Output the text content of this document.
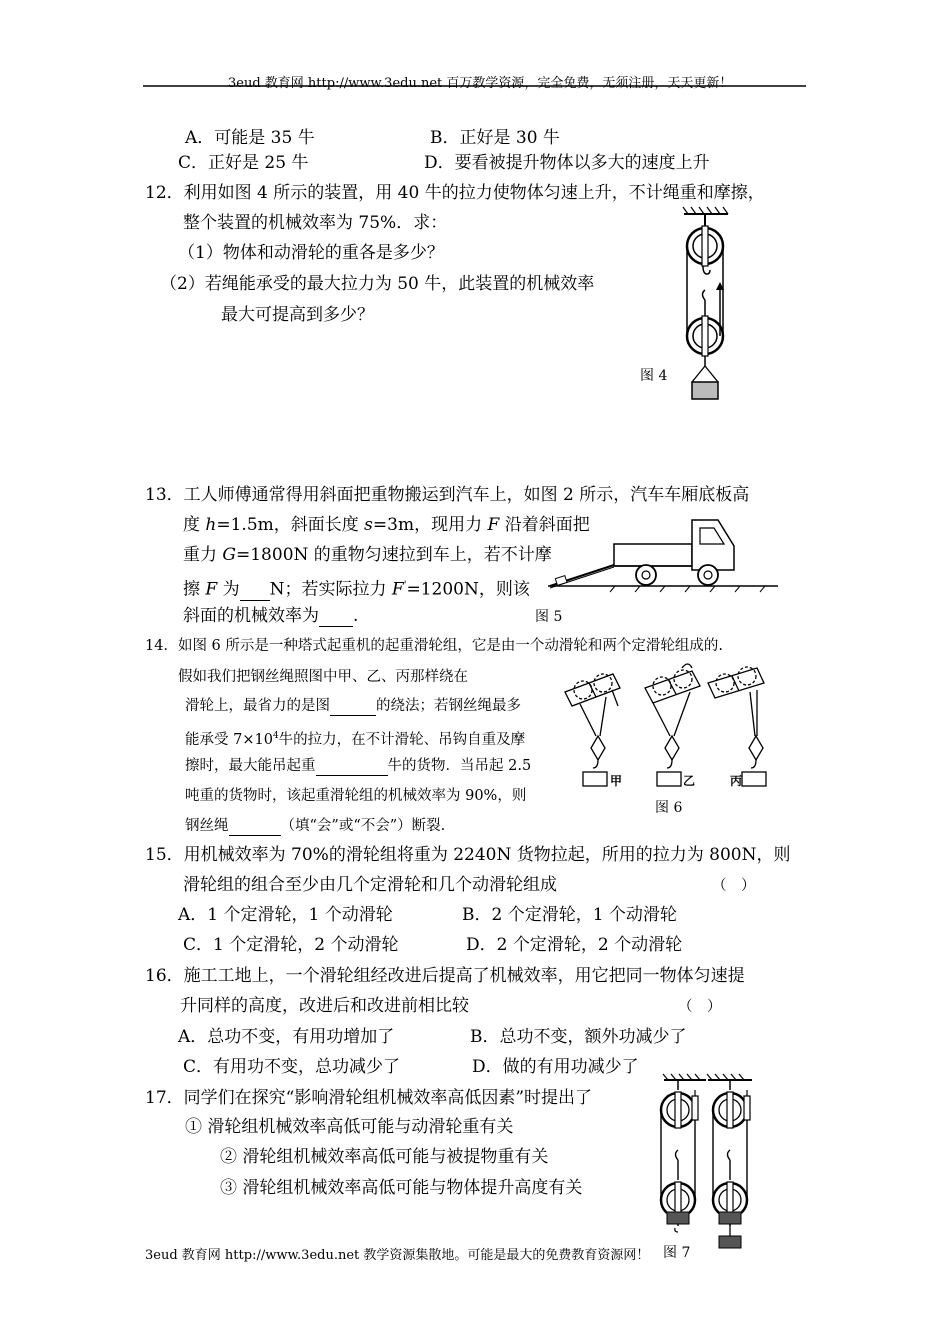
3eud 教育网 http://www.3edu.net 百万教学资源，完全免费，无须注册，天天更新！
A．可能是 35 牛	B．正好是 30 牛
C．正好是 25 牛	D．要看被提升物体以多大的速度上升
12．利用如图 4 所示的装置，用 40 牛的拉力使物体匀速上升，不计绳重和摩擦，
整个装置的机械效率为 75%．求：
（1）物体和动滑轮的重各是多少？
（2）若绳能承受的最大拉力为 50 牛，此装置的机械效率
最大可提高到多少？
图 4
13．工人师傅通常得用斜面把重物搬运到汽车上，如图 2 所示，汽车车厢底板高
度 h=1.5m，斜面长度 s=3m，现用力 F 沿着斜面把
重力 G=1800N 的重物匀速拉到车上，若不计摩
擦 F 为 N；若实际拉力 F'=1200N，则该
斜面的机械效率为 .	图 5
14．如图 6 所示是一种塔式起重机的起重滑轮组，它是由一个动滑轮和两个定滑轮组成的.
假如我们把钢丝绳照图中甲、乙、丙那样绕在
滑轮上，最省力的是图	的绕法；若钢丝绳最多
能承受 $7\times 10^4$牛的拉力，在不计滑轮、吊钩自重及摩
擦时，最大能吊起重	牛的货物．当吊起 2.5
吨重的货物时，该起重滑轮组的机械效率为 90%，则
钢丝绳	（填“会”或“不会”）断裂.
甲	乙	丙
图 6
15．用机械效率为 70%的滑轮组将重为 2240N 货物拉起，所用的拉力为 800N，则
滑轮组的组合至少由几个定滑轮和几个动滑轮组成	（　）
A．1 个定滑轮，1 个动滑轮	B．2 个定滑轮，1 个动滑轮
C．1 个定滑轮，2 个动滑轮	D．2 个定滑轮，2 个动滑轮
16．施工工地上，一个滑轮组经改进后提高了机械效率，用它把同一物体匀速提
升同样的高度，改进后和改进前相比较	（　）
A．总功不变，有用功增加了	B．总功不变，额外功减少了
C．有用功不变，总功减少了	D．做的有用功减少了
17．同学们在探究“影响滑轮组机械效率高低因素”时提出了
① 滑轮组机械效率高低可能与动滑轮重有关
② 滑轮组机械效率高低可能与被提物重有关
③ 滑轮组机械效率高低可能与物体提升高度有关
3eud 教育网 http://www.3edu.net 教学资源集散地。可能是最大的免费教育资源网！ 图 7
